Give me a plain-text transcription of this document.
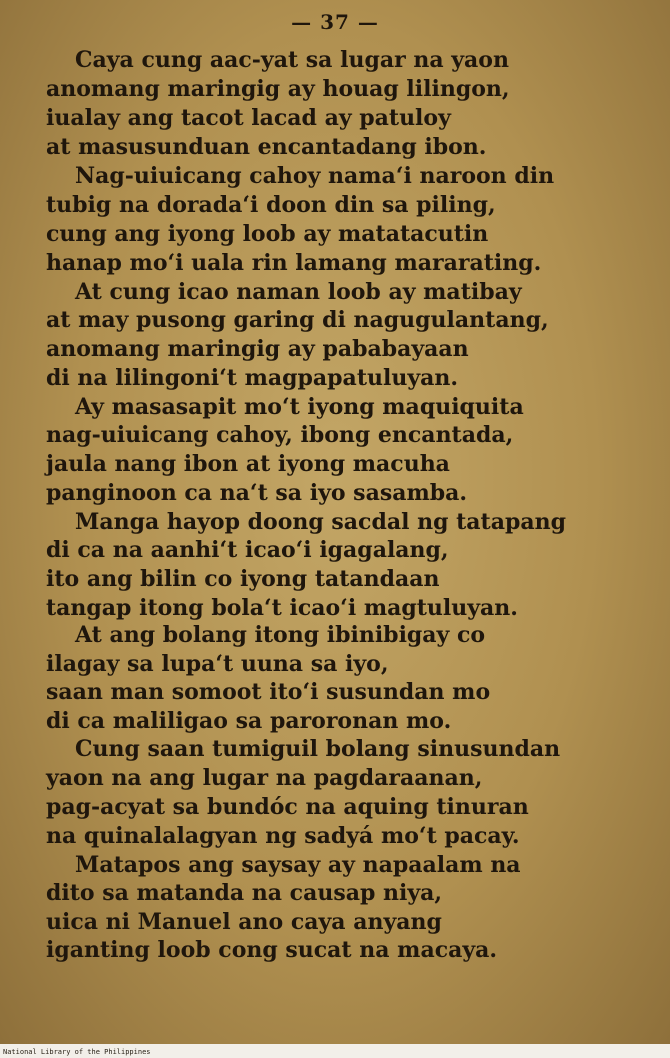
— 37 —
Caya cung aac-yat sa lugar na yaon
anomang maringig ay houag lilingon,
iualay ang tacot lacad ay patuloy
at masusunduan encantadang ibon.
Nag-uiuicang cahoy nama‘i naroon din
tubig na dorada‘i doon din sa piling,
cung ang iyong loob ay matatacutin
hanap mo‘i uala rin lamang mararating.
At cung icao naman loob ay matibay
at may pusong garing di nagugulantang,
anomang maringig ay pababayaan
di na lilingoni‘t magpapatuluyan.
Ay masasapit mo‘t iyong maquiquita
nag-uiuicang cahoy, ibong encantada,
jaula nang ibon at iyong macuha
panginoon ca na‘t sa iyo sasamba.
Manga hayop doong sacdal ng tatapang
di ca na aanhi‘t icao‘i igagalang,
ito ang bilin co iyong tatandaan
tangap itong bola‘t icao‘i magtuluyan.
At ang bolang itong ibinibigay co
ilagay sa lupa‘t uuna sa iyo,
saan man somoot ito‘i susundan mo
di ca maliligao sa paroronan mo.
Cung saan tumiguil bolang sinusundan
yaon na ang lugar na pagdaraanan,
pag-acyat sa bundóc na aquing tinuran
na quinalalagyan ng sadyá mo‘t pacay.
Matapos ang saysay ay napaalam na
dito sa matanda na causap niya,
uica ni Manuel ano caya anyang
iganting loob cong sucat na macaya.
National Library of the Philippines
